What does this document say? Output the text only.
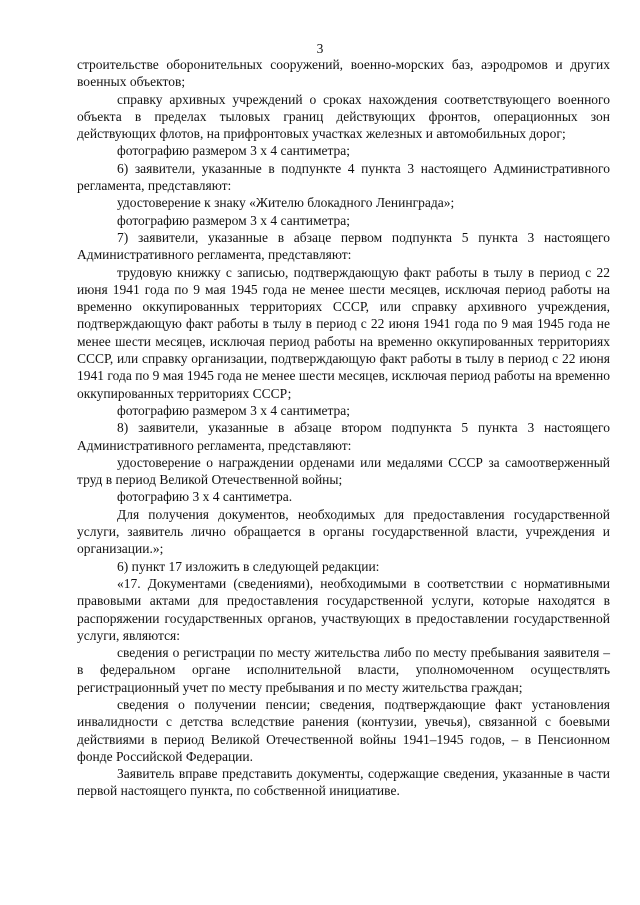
3

строительстве оборонительных сооружений, военно-морских баз, аэродромов и других военных объектов;

справку архивных учреждений о сроках нахождения соответствующего военного объекта в пределах тыловых границ действующих фронтов, операционных зон действующих флотов, на прифронтовых участках железных и автомобильных дорог;

фотографию размером 3 х 4 сантиметра;

6) заявители, указанные в подпункте 4 пункта 3 настоящего Административного регламента, представляют:

удостоверение к знаку «Жителю блокадного Ленинграда»;

фотографию размером 3 х 4 сантиметра;

7) заявители, указанные в абзаце первом подпункта 5 пункта 3 настоящего Административного регламента, представляют:

трудовую книжку с записью, подтверждающую факт работы в тылу в период с 22 июня 1941 года по 9 мая 1945 года не менее шести месяцев, исключая период работы на временно оккупированных территориях СССР, или справку архивного учреждения, подтверждающую факт работы в тылу в период с 22 июня 1941 года по 9 мая 1945 года не менее шести месяцев, исключая период работы на временно оккупированных территориях СССР, или справку организации, подтверждающую факт работы в тылу в период с 22 июня 1941 года по 9 мая 1945 года не менее шести месяцев, исключая период работы на временно оккупированных территориях СССР;

фотографию размером 3 х 4 сантиметра;

8) заявители, указанные в абзаце втором подпункта 5 пункта 3 настоящего Административного регламента, представляют:

удостоверение о награждении орденами или медалями СССР за самоотверженный труд в период Великой Отечественной войны;

фотографию 3 х 4 сантиметра.

Для получения документов, необходимых для предоставления государственной услуги, заявитель лично обращается в органы государственной власти, учреждения и организации.»;

6) пункт 17 изложить в следующей редакции:

«17. Документами (сведениями), необходимыми в соответствии с нормативными правовыми актами для предоставления государственной услуги, которые находятся в распоряжении государственных органов, участвующих в предоставлении государственной услуги, являются:

сведения о регистрации по месту жительства либо по месту пребывания заявителя – в федеральном органе исполнительной власти, уполномоченном осуществлять регистрационный учет по месту пребывания и по месту жительства граждан;

сведения о получении пенсии; сведения, подтверждающие факт установления инвалидности с детства вследствие ранения (контузии, увечья), связанной с боевыми действиями в период Великой Отечественной войны 1941–1945 годов, – в Пенсионном фонде Российской Федерации.

Заявитель вправе представить документы, содержащие сведения, указанные в части первой настоящего пункта, по собственной инициативе.
